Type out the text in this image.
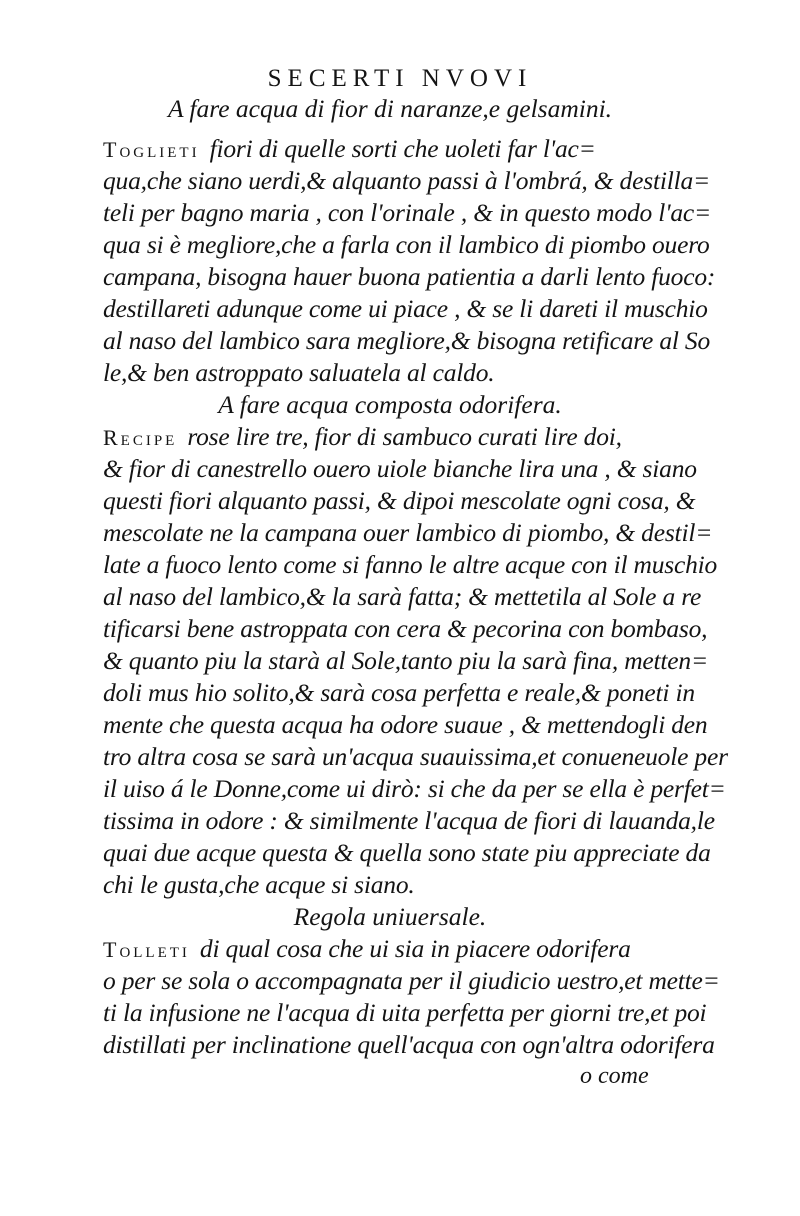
SECERTI NVOVI
A fare acqua di fior di naranze,e gelsamini.
Toglieti fiori di quelle sorti che uoleti far l'ac=
qua,che siano uerdi,& alquanto passi à l'ombrá, & destilla=
teli per bagno maria , con l'orinale , & in questo modo l'ac=
qua si è megliore,che a farla con il lambico di piombo ouero
campana, bisogna hauer buona patientia a darli lento fuoco:
destillareti adunque come ui piace , & se li dareti il muschio
al naso del lambico sara megliore,& bisogna retificare al So
le,& ben astroppato saluatela al caldo.
A fare acqua composta odorifera.
Recipe rose lire tre, fior di sambuco curati lire doi,
& fior di canestrello ouero uiole bianche lira una , & siano
questi fiori alquanto passi, & dipoi mescolate ogni cosa, &
mescolate ne la campana ouer lambico di piombo, & destil=
late a fuoco lento come si fanno le altre acque con il muschio
al naso del lambico,& la sarà fatta; & mettetila al Sole a re
tificarsi bene astroppata con cera & pecorina con bombaso,
& quanto piu la starà al Sole,tanto piu la sarà fina, metten=
doli mus hio solito,& sarà cosa perfetta e reale,& poneti in
mente che questa acqua ha odore suaue , & mettendogli den
tro altra cosa se sarà un'acqua suauissima,et conueneuole per
il uiso á le Donne,come ui dirò: si che da per se ella è perfet=
tissima in odore : & similmente l'acqua de fiori di lauanda,le
quai due acque questa & quella sono state piu appreciate da
chi le gusta,che acque si siano.
Regola uniuersale.
Tolleti di qual cosa che ui sia in piacere odorifera
o per se sola o accompagnata per il giudicio uestro,et mette=
ti la infusione ne l'acqua di uita perfetta per giorni tre,et poi
distillati per inclinatione quell'acqua con ogn'altra odorifera
o come
